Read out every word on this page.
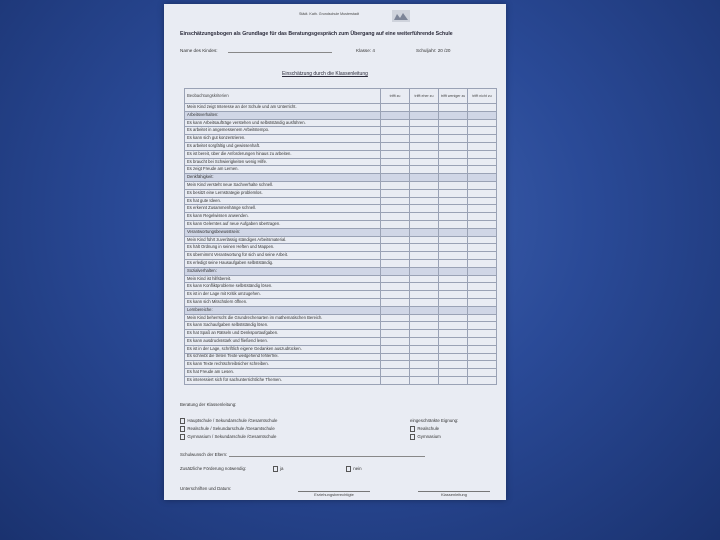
Städt. Kath. Grundschule Musterstadt
Einschätzungsbogen als Grundlage für das Beratungsgespräch zum Übergang auf eine weiterführende Schule
Name des Kindes:	Klasse: 4	Schuljahr: 20 /20
Einschätzung durch die Klassenleitung
Beobachtungskriterien	trifft zu	trifft eher zu	trifft weniger zu	trifft nicht zu
Mein Kind zeigt Interesse an der Schule und am Unterricht.				
Arbeitsverhalten:				
Es kann Arbeitsaufträge verstehen und selbstständig ausführen.				
Es arbeitet in angemessenem Arbeitstempo.				
Es kann sich gut konzentrieren.				
Es arbeitet sorgfältig und gewissenhaft.				
Es ist bereit, über die Anforderungen hinaus zu arbeiten.				
Es braucht bei Schwierigkeiten wenig Hilfe.				
Es zeigt Freude am Lernen.				
Denkfähigkeit:				
Mein Kind versteht neue Sachverhalte schnell.				
Es besitzt eine Lernstrategie problemlos.				
Es hat gute Ideen.				
Es erkennt Zusammenhänge schnell.				
Es kann Regelwissen anwenden.				
Es kann Gelerntes auf neue Aufgaben übertragen.				
Verantwortungsbewusstsein:				
Mein Kind führt zuverlässig ständiges Arbeitsmaterial.				
Es hält Ordnung in seinen Heften und Mappen.				
Es übernimmt Verantwortung für sich und seine Arbeit.				
Es erledigt seine Hausaufgaben selbstständig.				
Sozialverhalten:				
Mein Kind ist hilfsbereit.				
Es kann Konfliktprobleme selbstständig lösen.				
Es ist in der Lage mit Kritik umzugehen.				
Es kann sich Mitschülern öffnen.				
Lernbereiche:				
Mein Kind beherrscht die Grundrechenarten im mathematischen Bereich.				
Es kann Sachaufgaben selbstständig lösen.				
Es hat Spaß an Rätseln und Denksportaufgaben.				
Es kann ausdrucksstark und fließend lesen.				
Es ist in der Lage, schriftlich eigene Gedanken auszudrücken.				
Es schreibt die treten Texte weitgehend fehlerfrei.				
Es kann Texte rechtschreibsicher schreiben.				
Es hat Freude am Lesen.				
Es interessiert sich für sachunterrichtliche Themen.				
Beratung der Klassenleitung:
Hauptschule / Sekundarschule /Gesamtschule
Realschule / Sekundarschule /Gesamtschule
Gymnasium / Sekundarschule /Gesamtschule
eingeschränkte Eignung:
Realschule
Gymnasium
Schulwunsch der Eltern:
Zusätzliche Förderung notwendig:	ja	nein
Unterschriften und Datum:
Erziehungsberechtigte	Klassenleitung
